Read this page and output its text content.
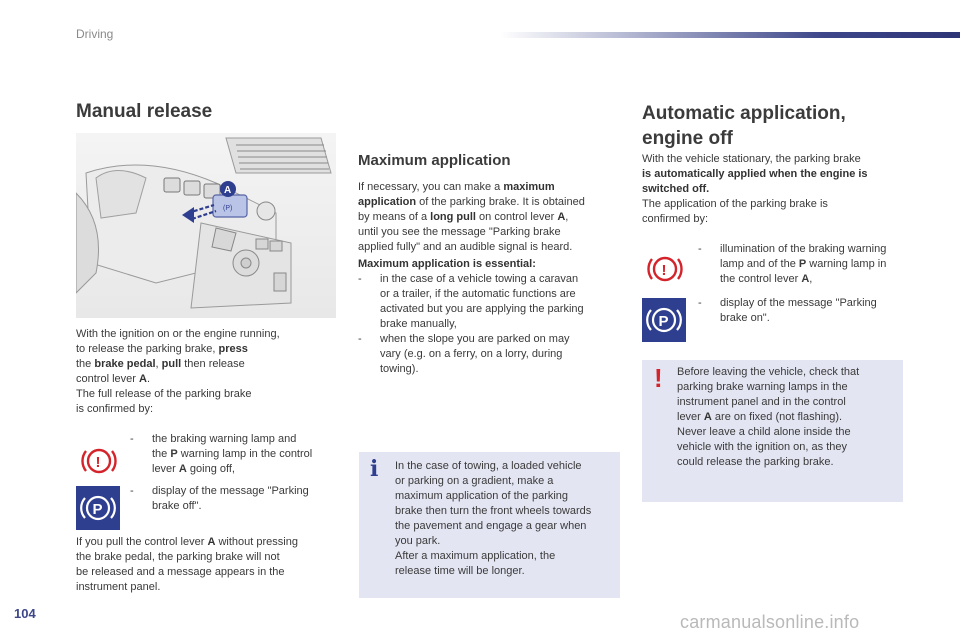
Driving
Manual release
(P)
A
With the ignition on or the engine running,
to release the parking brake, press
the brake pedal, pull then release
control lever A.
The full release of the parking brake
is confirmed by:
!
-	the braking warning lamp and
the P warning lamp in the control
lever A going off,
P
-	display of the message "Parking
brake off".
If you pull the control lever A without pressing
the brake pedal, the parking brake will not
be released and a message appears in the
instrument panel.
Maximum application
If necessary, you can make a maximum
application of the parking brake. It is obtained
by means of a long pull on control lever A,
until you see the message "Parking brake
applied fully" and an audible signal is heard.
Maximum application is essential:
-	in the case of a vehicle towing a caravan
or a trailer, if the automatic functions are
activated but you are applying the parking
brake manually,
-	when the slope you are parked on may
vary (e.g. on a ferry, on a lorry, during
towing).
i In the case of towing, a loaded vehicle
or parking on a gradient, make a
maximum application of the parking
brake then turn the front wheels towards
the pavement and engage a gear when
you park.
After a maximum application, the
release time will be longer.
Automatic application,
engine off
With the vehicle stationary, the parking brake
is automatically applied when the engine is
switched off.
The application of the parking brake is
confirmed by:
!
-	illumination of the braking warning
lamp and of the P warning lamp in
the control lever A,
P
-	display of the message "Parking
brake on".
! Before leaving the vehicle, check that
parking brake warning lamps in the
instrument panel and in the control
lever A are on fixed (not flashing).
Never leave a child alone inside the
vehicle with the ignition on, as they
could release the parking brake.
104	carmanualsonline.info
